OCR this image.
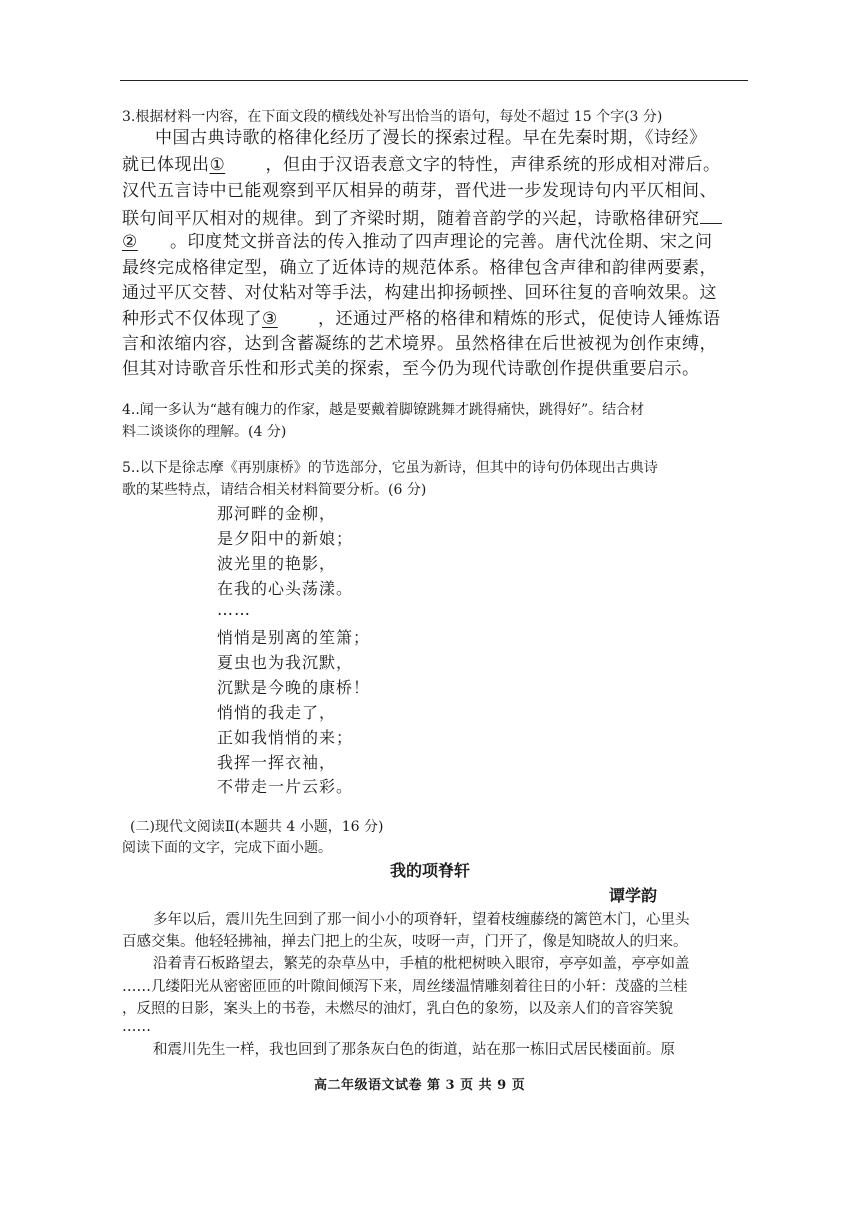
3.根据材料一内容，在下面文段的横线处补写出恰当的语句，每处不超过 15 个字(3 分)
中国古典诗歌的格律化经历了漫长的探索过程。早在先秦时期，《诗经》
就已体现出①，但由于汉语表意文字的特性，声律系统的形成相对滞后。
汉代五言诗中已能观察到平仄相异的萌芽，晋代进一步发现诗句内平仄相间、
联句间平仄相对的规律。到了齐梁时期，随着音韵学的兴起，诗歌格律研究
②。印度梵文拼音法的传入推动了四声理论的完善。唐代沈佺期、宋之问
最终完成格律定型，确立了近体诗的规范体系。格律包含声律和韵律两要素，
通过平仄交替、对仗粘对等手法，构建出抑扬顿挫、回环往复的音响效果。这
种形式不仅体现了③，还通过严格的格律和精炼的形式，促使诗人锤炼语
言和浓缩内容，达到含蓄凝练的艺术境界。虽然格律在后世被视为创作束缚，
但其对诗歌音乐性和形式美的探索，至今仍为现代诗歌创作提供重要启示。
4..闻一多认为“越有魄力的作家，越是要戴着脚镣跳舞才跳得痛快，跳得好”。结合材
料二谈谈你的理解。(4 分)
5..以下是徐志摩《再别康桥》的节选部分，它虽为新诗，但其中的诗句仍体现出古典诗
歌的某些特点，请结合相关材料简要分析。(6 分)
那河畔的金柳，
是夕阳中的新娘；
波光里的艳影，
在我的心头荡漾。
……
悄悄是别离的笙箫；
夏虫也为我沉默，
沉默是今晚的康桥！
悄悄的我走了，
正如我悄悄的来；
我挥一挥衣袖，
不带走一片云彩。
(二)现代文阅读Ⅱ(本题共 4 小题，16 分)
阅读下面的文字，完成下面小题。
我的项脊轩
谭学韵
多年以后，震川先生回到了那一间小小的项脊轩，望着枝缠藤绕的篱笆木门，心里头
百感交集。他轻轻拂袖，掸去门把上的尘灰，吱呀一声，门开了，像是知晓故人的归来。
沿着青石板路望去，繁芜的杂草丛中，手植的枇杷树映入眼帘，亭亭如盖，亭亭如盖
……几缕阳光从密密匝匝的叶隙间倾泻下来，周丝缕温情雕刻着往日的小轩：茂盛的兰桂
，反照的日影，案头上的书卷，未燃尽的油灯，乳白色的象笏，以及亲人们的音容笑貌
……
和震川先生一样，我也回到了那条灰白色的街道，站在那一栋旧式居民楼面前。原
高二年级语文试卷 第 3 页 共 9 页
